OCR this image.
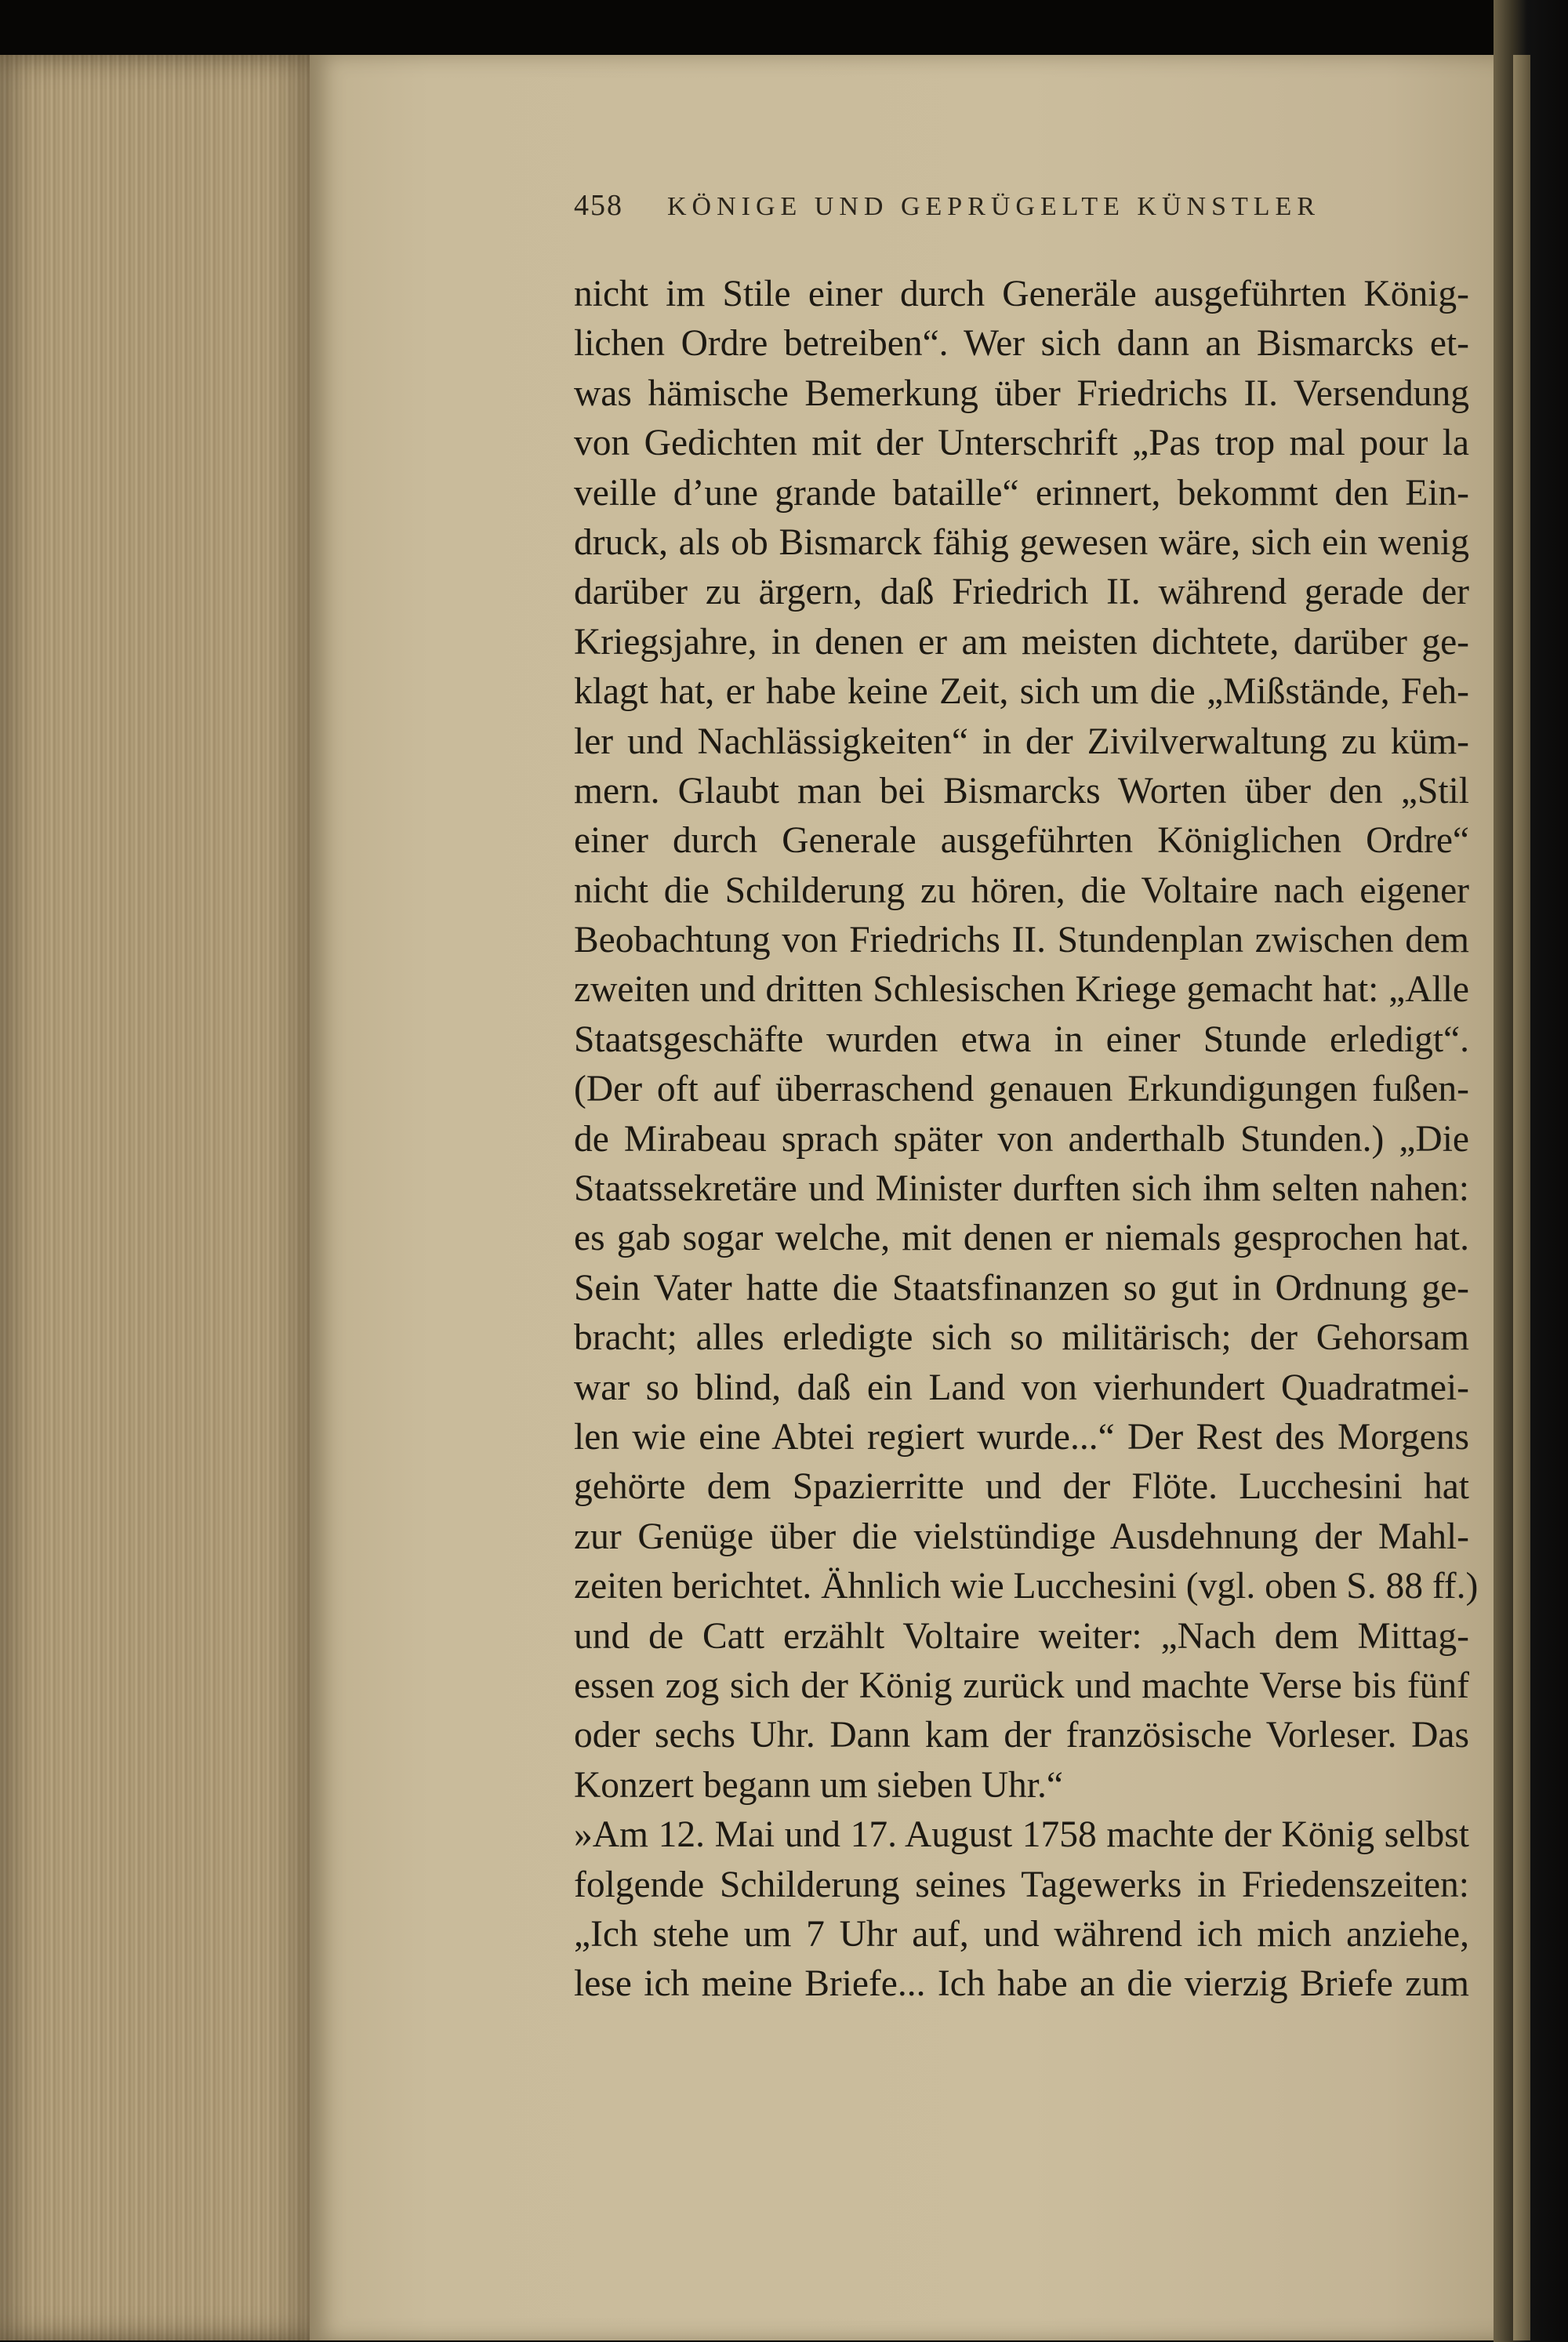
458 KÖNIGE UND GEPRÜGELTE KÜNSTLER
nicht im Stile einer durch Generäle ausgeführten König-
lichen Ordre betreiben“. Wer sich dann an Bismarcks et-
was hämische Bemerkung über Friedrichs II. Versendung
von Gedichten mit der Unterschrift „Pas trop mal pour la
veille d’une grande bataille“ erinnert, bekommt den Ein-
druck, als ob Bismarck fähig gewesen wäre, sich ein wenig
darüber zu ärgern, daß Friedrich II. während gerade der
Kriegsjahre, in denen er am meisten dichtete, darüber ge-
klagt hat, er habe keine Zeit, sich um die „Mißstände, Feh-
ler und Nachlässigkeiten“ in der Zivilverwaltung zu küm-
mern. Glaubt man bei Bismarcks Worten über den „Stil
einer durch Generale ausgeführten Königlichen Ordre“
nicht die Schilderung zu hören, die Voltaire nach eigener
Beobachtung von Friedrichs II. Stundenplan zwischen dem
zweiten und dritten Schlesischen Kriege gemacht hat: „Alle
Staatsgeschäfte wurden etwa in einer Stunde erledigt“.
(Der oft auf überraschend genauen Erkundigungen fußen-
de Mirabeau sprach später von anderthalb Stunden.) „Die
Staatssekretäre und Minister durften sich ihm selten nahen:
es gab sogar welche, mit denen er niemals gesprochen hat.
Sein Vater hatte die Staatsfinanzen so gut in Ordnung ge-
bracht; alles erledigte sich so militärisch; der Gehorsam
war so blind, daß ein Land von vierhundert Quadratmei-
len wie eine Abtei regiert wurde...“ Der Rest des Morgens
gehörte dem Spazierritte und der Flöte. Lucchesini hat
zur Genüge über die vielstündige Ausdehnung der Mahl-
zeiten berichtet. Ähnlich wie Lucchesini (vgl. oben S. 88 ff.)
und de Catt erzählt Voltaire weiter: „Nach dem Mittag-
essen zog sich der König zurück und machte Verse bis fünf
oder sechs Uhr. Dann kam der französische Vorleser. Das
Konzert begann um sieben Uhr.“
»Am 12. Mai und 17. August 1758 machte der König selbst
folgende Schilderung seines Tagewerks in Friedenszeiten:
„Ich stehe um 7 Uhr auf, und während ich mich anziehe,
lese ich meine Briefe... Ich habe an die vierzig Briefe zum
